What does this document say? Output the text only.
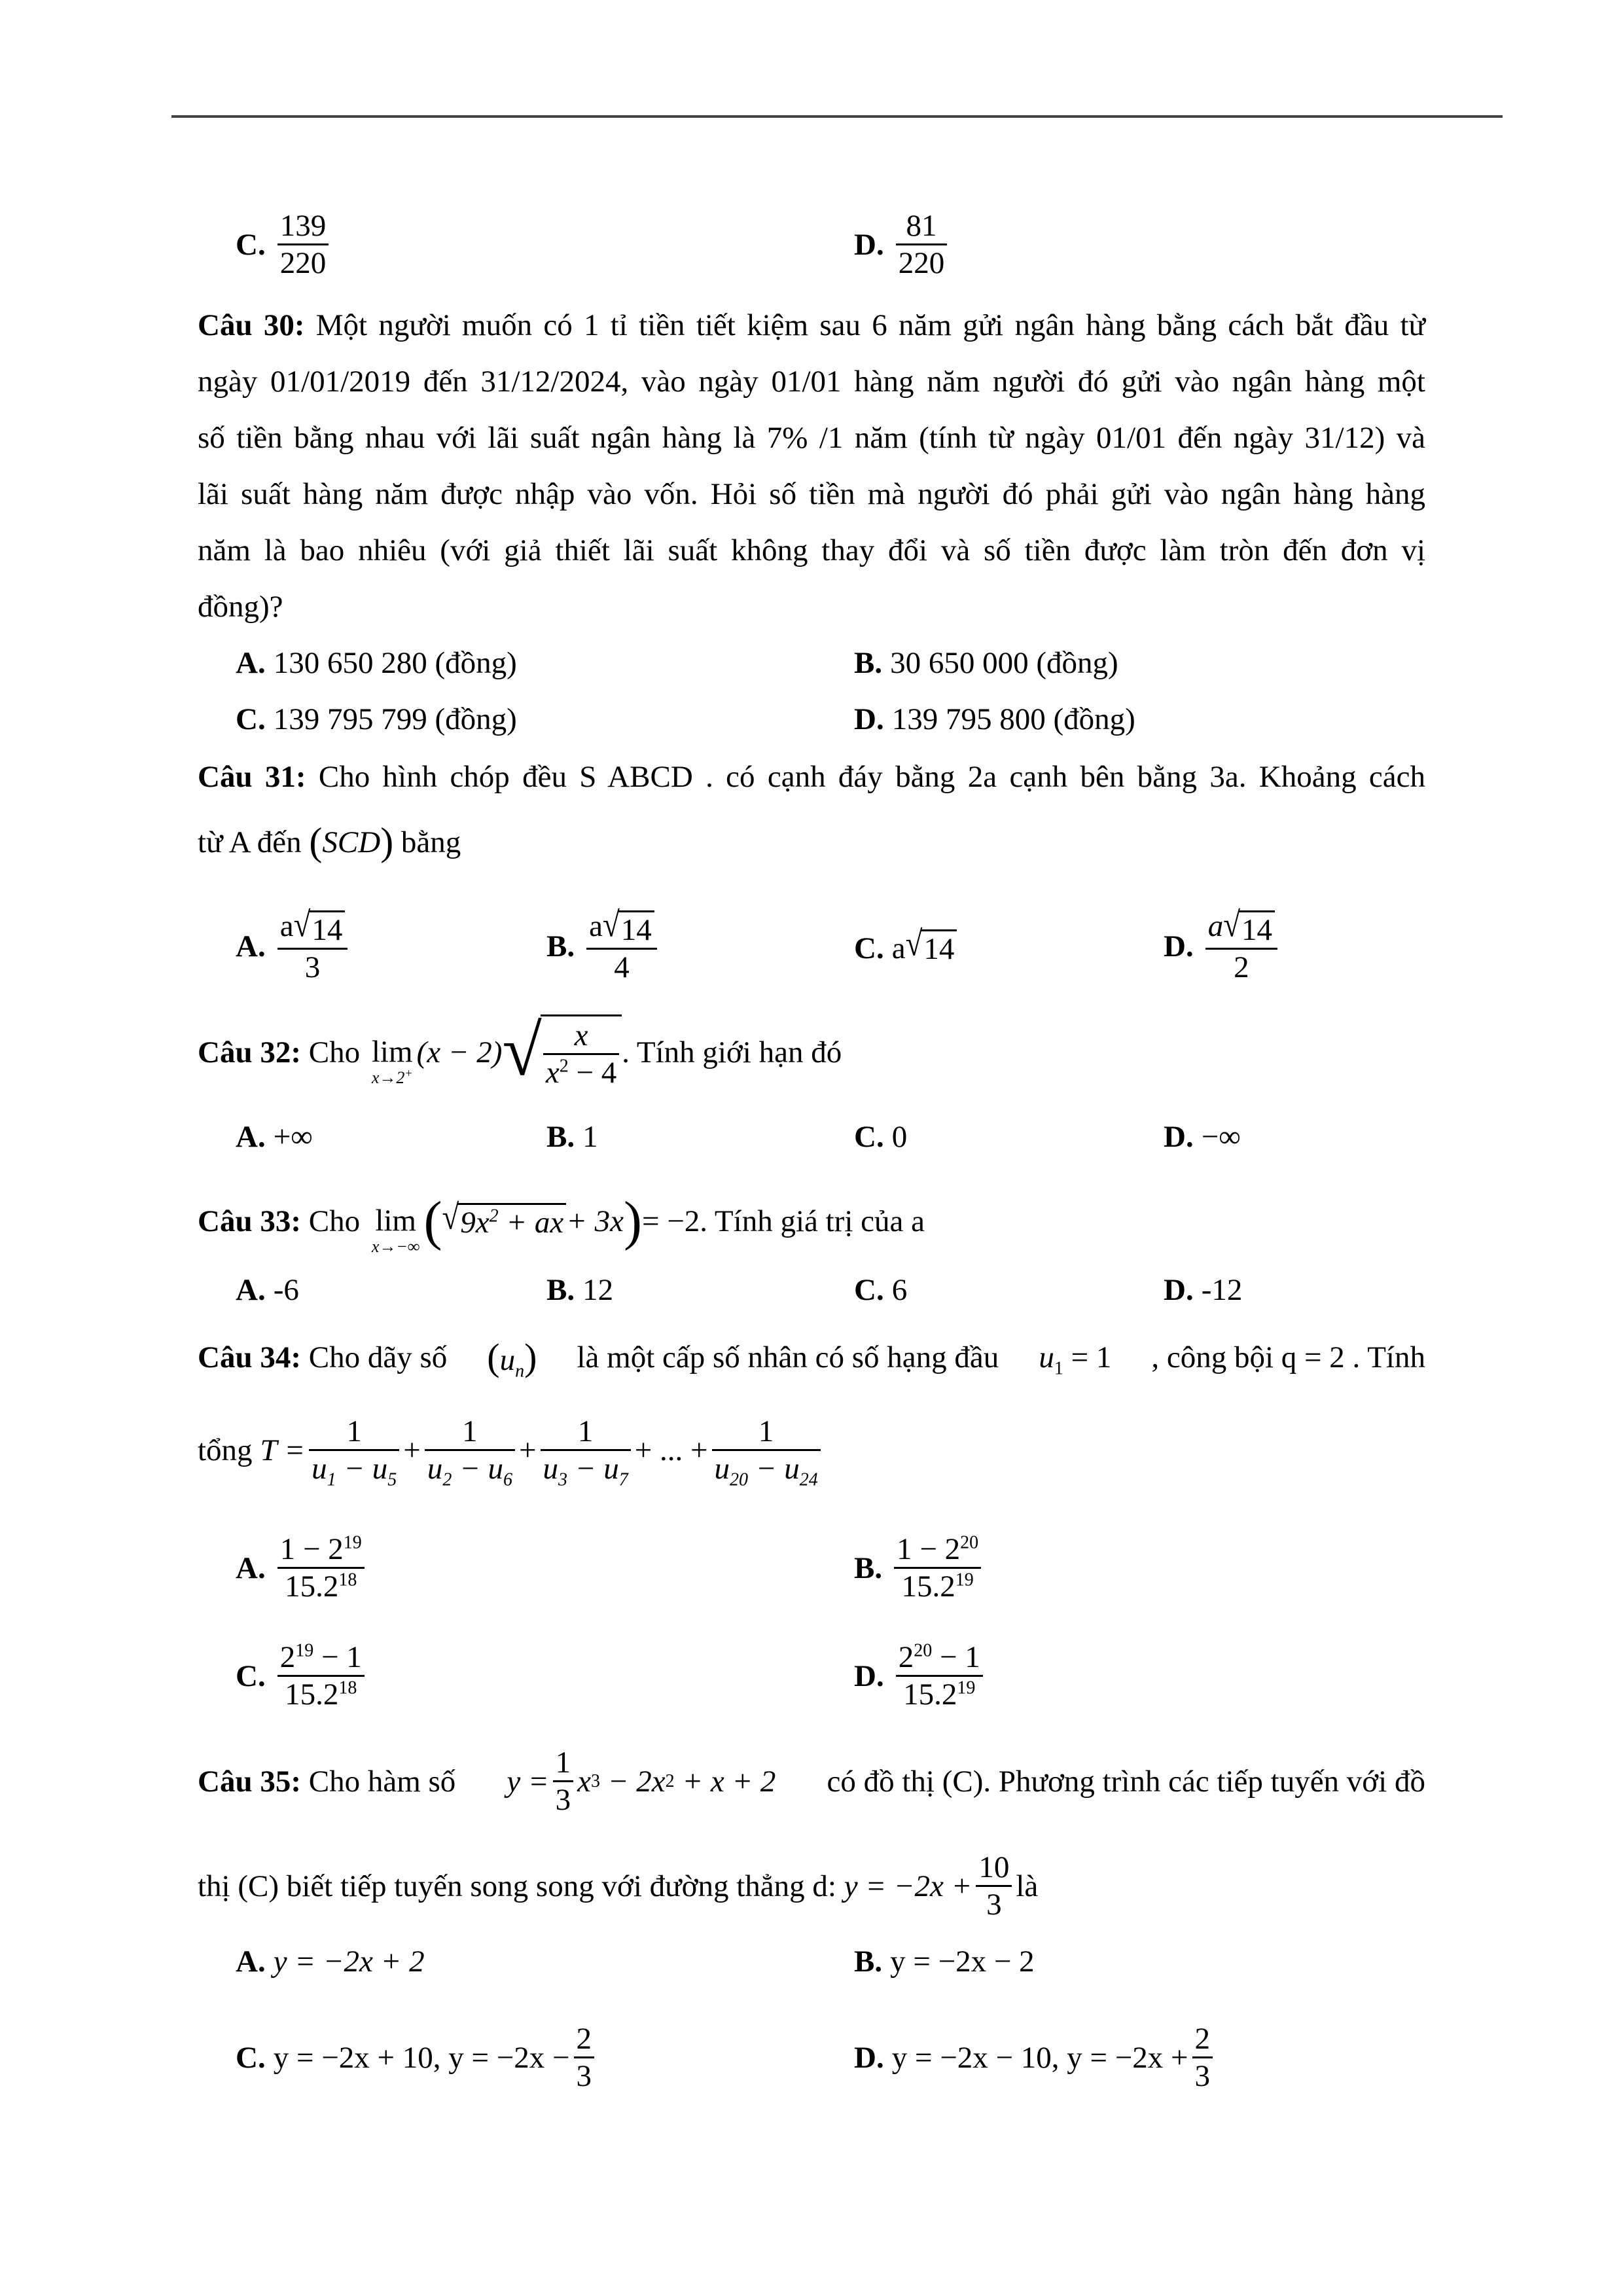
C. $\frac{139}{220}$	D. $\frac{81}{220}$
Câu 30: Một người muốn có 1 tỉ tiền tiết kiệm sau 6 năm gửi ngân hàng bằng cách bắt đầu từ
ngày 01/01/2019 đến 31/12/2024, vào ngày 01/01 hàng năm người đó gửi vào ngân hàng một
số tiền bằng nhau với lãi suất ngân hàng là 7% /1 năm (tính từ ngày 01/01 đến ngày 31/12) và
lãi suất hàng năm được nhập vào vốn. Hỏi số tiền mà người đó phải gửi vào ngân hàng hàng
năm là bao nhiêu (với giả thiết lãi suất không thay đổi và số tiền được làm tròn đến đơn vị
đồng)?
A. 130 650 280 (đồng)	B. 30 650 000 (đồng)
C. 139 795 799 (đồng)	D. 139 795 800 (đồng)
Câu 31: Cho hình chóp đều S ABCD . có cạnh đáy bằng 2a cạnh bên bằng 3a. Khoảng cách
từ A đến (SCD) bằng
A. $\frac{a √ 14}{3}$	B. $\frac{a √ 14}{4}$	C. a √ 14	D. $\frac{a √ 14}{2}$
Câu 32:
Cho
lim
x→2+
(x − 2) √ $\frac{x}{x^2 - 4}$ . Tính giới hạn đó
A. +∞	B. 1	C. 0	D. −∞
Câu 33:
Cho
lim
x→−∞ ( √ $9x^2$ + ax + 3x ) = −2 . Tính giá trị của a
A. -6	B. 12	C. 6	D. -12
Câu 34: Cho dãy số $(u_n)$ là một cấp số nhân có số hạng đầu $u_1 = 1$ , công bội q = 2 . Tính
tổng
$T = \frac{1}{u_1 - u_5} + \frac{1}{u_2 - u_6} + \frac{1}{u_3 - u_7}$ + ... + $\frac{1}{u_{20} - u_{24}}$
A. $\frac{1 - 2^{19}}{15.2^{18}}$	B. $\frac{1 - 2^{20}}{15.2^{19}}$
C. $\frac{2^{19} - 1}{15.2^{18}}$	D. $\frac{2^{20} - 1}{15.2^{19}}$
Câu 35: Cho hàm số $y = \frac{1}{3}$ x 3 − 2x 2 + x + 2 có đồ thị (C). Phương trình các tiếp tuyến với đồ
thị (C) biết tiếp tuyến song song với đường thẳng d:
$y = -2x + \frac{10}{3}$ là
A. y = −2x + 2	B. y = −2x − 2
C. y = −2x + 10, $y = -2x - \frac{2}{3}$	D. y = −2x − 10, $y = -2x + \frac{2}{3}$
